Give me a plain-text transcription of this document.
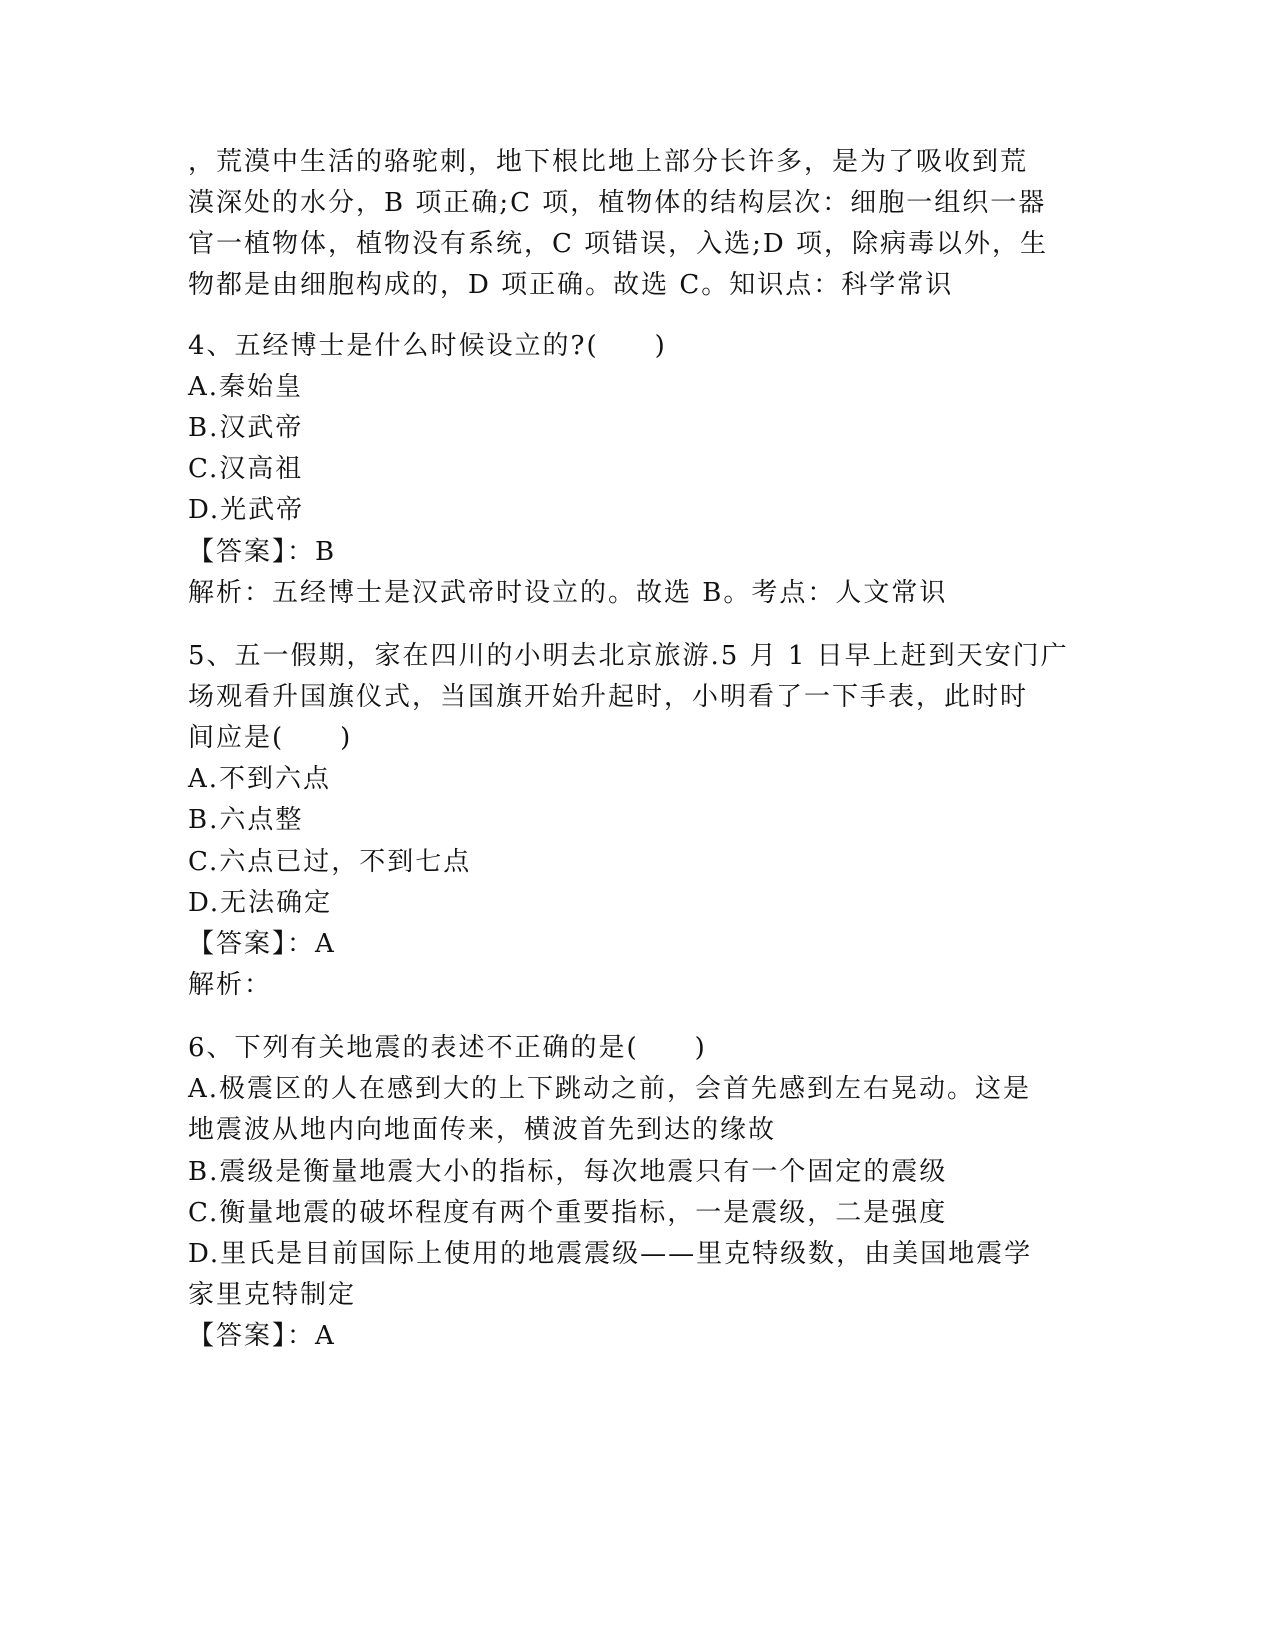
，荒漠中生活的骆驼刺，地下根比地上部分长许多，是为了吸收到荒
漠深处的水分，B 项正确;C 项，植物体的结构层次：细胞一组织一器
官一植物体，植物没有系统，C 项错误，入选;D 项，除病毒以外，生
物都是由细胞构成的，D 项正确。故选 C。知识点：科学常识
4、五经博士是什么时候设立的?(　　)
A.秦始皇
B.汉武帝
C.汉高祖
D.光武帝
【答案】：B
解析：五经博士是汉武帝时设立的。故选 B。考点：人文常识
5、五一假期，家在四川的小明去北京旅游.5 月 1 日早上赶到天安门广
场观看升国旗仪式，当国旗开始升起时，小明看了一下手表，此时时
间应是(　　)
A.不到六点
B.六点整
C.六点已过，不到七点
D.无法确定
【答案】：A
解析：
6、下列有关地震的表述不正确的是(　　)
A.极震区的人在感到大的上下跳动之前，会首先感到左右晃动。这是
地震波从地内向地面传来，横波首先到达的缘故
B.震级是衡量地震大小的指标，每次地震只有一个固定的震级
C.衡量地震的破坏程度有两个重要指标，一是震级，二是强度
D.里氏是目前国际上使用的地震震级——里克特级数，由美国地震学
家里克特制定
【答案】：A
